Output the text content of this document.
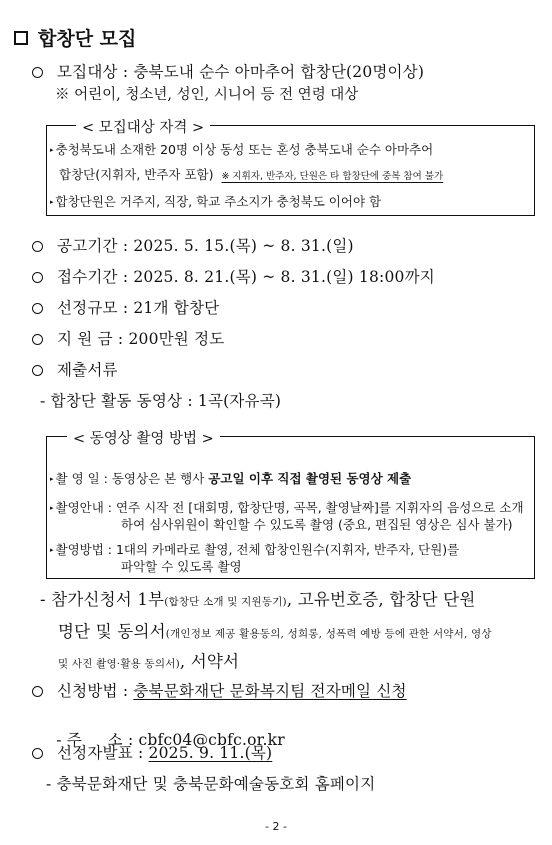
합창단 모집
모집대상 : 충북도내 순수 아마추어 합창단(20명이상)
※ 어린이, 청소년, 성인, 시니어 등 전 연령 대상
▸ 충청북도내 소재한 20명 이상 동성 또는 혼성 충북도내 순수 아마추어
합창단(지휘자, 반주자 포함) ※ 지휘자, 반주자, 단원은 타 합창단에 중복 참여 불가
▸ 합창단원은 거주지, 직장, 학교 주소지가 충청북도 이어야 함
< 모집대상 자격 >
공고기간 : 2025. 5. 15.(목) ~ 8. 31.(일)
접수기간 : 2025. 8. 21.(목) ~ 8. 31.(일) 18:00까지
선정규모 : 21개 합창단
지 원 금 : 200만원 정도
제출서류
- 합창단 활동 동영상 : 1곡(자유곡)
▸ 촬 영 일 : 동영상은 본 행사 공고일 이후 직접 촬영된 동영상 제출
▸ 촬영안내 : 연주 시작 전 [대회명, 합창단명, 곡목, 촬영날짜]를 지휘자의 음성으로 소개
하여 심사위원이 확인할 수 있도록 촬영 (중요, 편집된 영상은 심사 불가)
▸ 촬영방법 : 1대의 카메라로 촬영, 전체 합창인원수(지휘자, 반주자, 단원)를
파악할 수 있도록 촬영
< 동영상 촬영 방법 >
- 참가신청서 1부(합창단 소개 및 지원동기), 고유번호증, 합창단 단원
명단 및 동의서(개인정보 제공 활용동의, 성희롱, 성폭력 예방 등에 관한 서약서, 영상
및 사진 촬영·활용 동의서), 서약서
신청방법 : 충북문화재단 문화복지팀 전자메일 신청

- 주     소 : cbfc04@cbfc.or.kr

선정자발표 : 2025. 9. 11.(목)
- 충북문화재단 및 충북문화예술동호회 홈페이지
- 2 -
